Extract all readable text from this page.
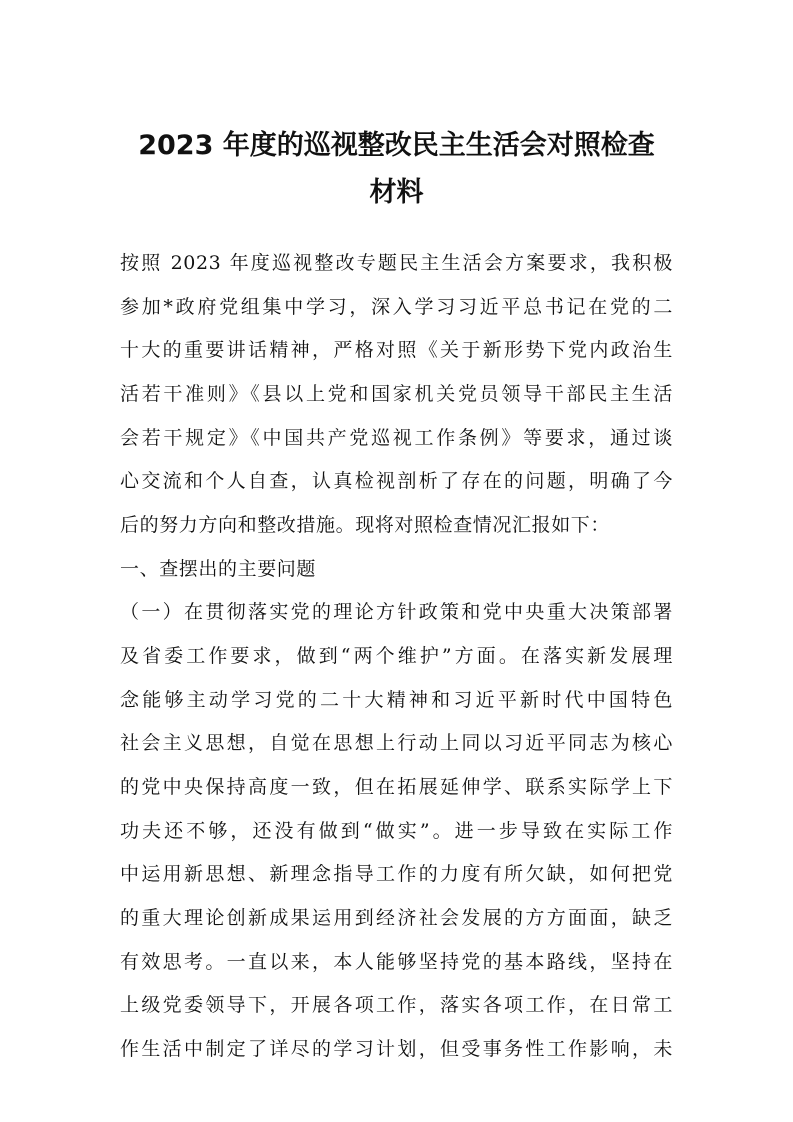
2023 年度的巡视整改民主生活会对照检查
材料
按照 2023 年度巡视整改专题民主生活会方案要求，我积极
参加*政府党组集中学习，深入学习习近平总书记在党的二
十大的重要讲话精神，严格对照《关于新形势下党内政治生
活若干准则》《县以上党和国家机关党员领导干部民主生活
会若干规定》《中国共产党巡视工作条例》等要求，通过谈
心交流和个人自查，认真检视剖析了存在的问题，明确了今
后的努力方向和整改措施。现将对照检查情况汇报如下：
一、查摆出的主要问题
（一）在贯彻落实党的理论方针政策和党中央重大决策部署
及省委工作要求，做到“两个维护”方面。在落实新发展理
念能够主动学习党的二十大精神和习近平新时代中国特色
社会主义思想，自觉在思想上行动上同以习近平同志为核心
的党中央保持高度一致，但在拓展延伸学、联系实际学上下
功夫还不够，还没有做到“做实”。进一步导致在实际工作
中运用新思想、新理念指导工作的力度有所欠缺，如何把党
的重大理论创新成果运用到经济社会发展的方方面面，缺乏
有效思考。一直以来，本人能够坚持党的基本路线，坚持在
上级党委领导下，开展各项工作，落实各项工作，在日常工
作生活中制定了详尽的学习计划，但受事务性工作影响，未
